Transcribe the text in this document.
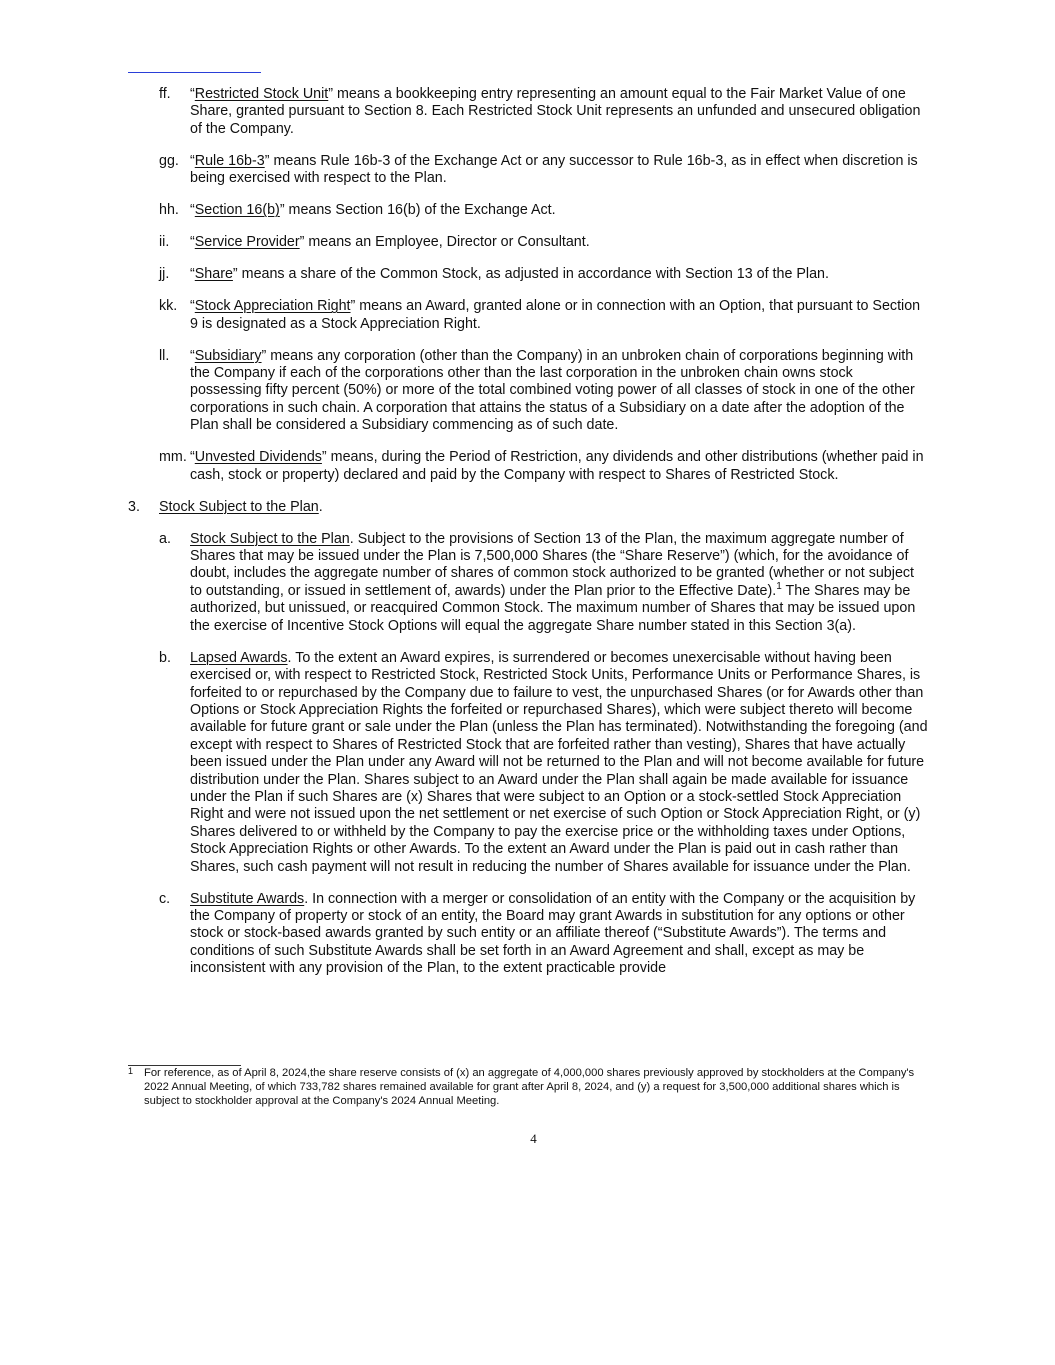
ff. “Restricted Stock Unit” means a bookkeeping entry representing an amount equal to the Fair Market Value of one Share, granted pursuant to Section 8. Each Restricted Stock Unit represents an unfunded and unsecured obligation of the Company.
gg. “Rule 16b-3” means Rule 16b-3 of the Exchange Act or any successor to Rule 16b-3, as in effect when discretion is being exercised with respect to the Plan.
hh. “Section 16(b)” means Section 16(b) of the Exchange Act.
ii. “Service Provider” means an Employee, Director or Consultant.
jj. “Share” means a share of the Common Stock, as adjusted in accordance with Section 13 of the Plan.
kk. “Stock Appreciation Right” means an Award, granted alone or in connection with an Option, that pursuant to Section 9 is designated as a Stock Appreciation Right.
ll. “Subsidiary” means any corporation (other than the Company) in an unbroken chain of corporations beginning with the Company if each of the corporations other than the last corporation in the unbroken chain owns stock possessing fifty percent (50%) or more of the total combined voting power of all classes of stock in one of the other corporations in such chain. A corporation that attains the status of a Subsidiary on a date after the adoption of the Plan shall be considered a Subsidiary commencing as of such date.
mm. “Unvested Dividends” means, during the Period of Restriction, any dividends and other distributions (whether paid in cash, stock or property) declared and paid by the Company with respect to Shares of Restricted Stock.
3. Stock Subject to the Plan.
a. Stock Subject to the Plan. Subject to the provisions of Section 13 of the Plan, the maximum aggregate number of Shares that may be issued under the Plan is 7,500,000 Shares (the “Share Reserve”) (which, for the avoidance of doubt, includes the aggregate number of shares of common stock authorized to be granted (whether or not subject to outstanding, or issued in settlement of, awards) under the Plan prior to the Effective Date).$^1$ The Shares may be authorized, but unissued, or reacquired Common Stock. The maximum number of Shares that may be issued upon the exercise of Incentive Stock Options will equal the aggregate Share number stated in this Section 3(a).
b. Lapsed Awards. To the extent an Award expires, is surrendered or becomes unexercisable without having been exercised or, with respect to Restricted Stock, Restricted Stock Units, Performance Units or Performance Shares, is forfeited to or repurchased by the Company due to failure to vest, the unpurchased Shares (or for Awards other than Options or Stock Appreciation Rights the forfeited or repurchased Shares), which were subject thereto will become available for future grant or sale under the Plan (unless the Plan has terminated). Notwithstanding the foregoing (and except with respect to Shares of Restricted Stock that are forfeited rather than vesting), Shares that have actually been issued under the Plan under any Award will not be returned to the Plan and will not become available for future distribution under the Plan. Shares subject to an Award under the Plan shall again be made available for issuance under the Plan if such Shares are (x) Shares that were subject to an Option or a stock-settled Stock Appreciation Right and were not issued upon the net settlement or net exercise of such Option or Stock Appreciation Right, or (y) Shares delivered to or withheld by the Company to pay the exercise price or the withholding taxes under Options, Stock Appreciation Rights or other Awards. To the extent an Award under the Plan is paid out in cash rather than Shares, such cash payment will not result in reducing the number of Shares available for issuance under the Plan.
c. Substitute Awards. In connection with a merger or consolidation of an entity with the Company or the acquisition by the Company of property or stock of an entity, the Board may grant Awards in substitution for any options or other stock or stock-based awards granted by such entity or an affiliate thereof (“Substitute Awards”). The terms and conditions of such Substitute Awards shall be set forth in an Award Agreement and shall, except as may be inconsistent with any provision of the Plan, to the extent practicable provide
1 For reference, as of April 8, 2024,the share reserve consists of (x) an aggregate of 4,000,000 shares previously approved by stockholders at the Company's 2022 Annual Meeting, of which 733,782 shares remained available for grant after April 8, 2024, and (y) a request for 3,500,000 additional shares which is subject to stockholder approval at the Company's 2024 Annual Meeting.
4
